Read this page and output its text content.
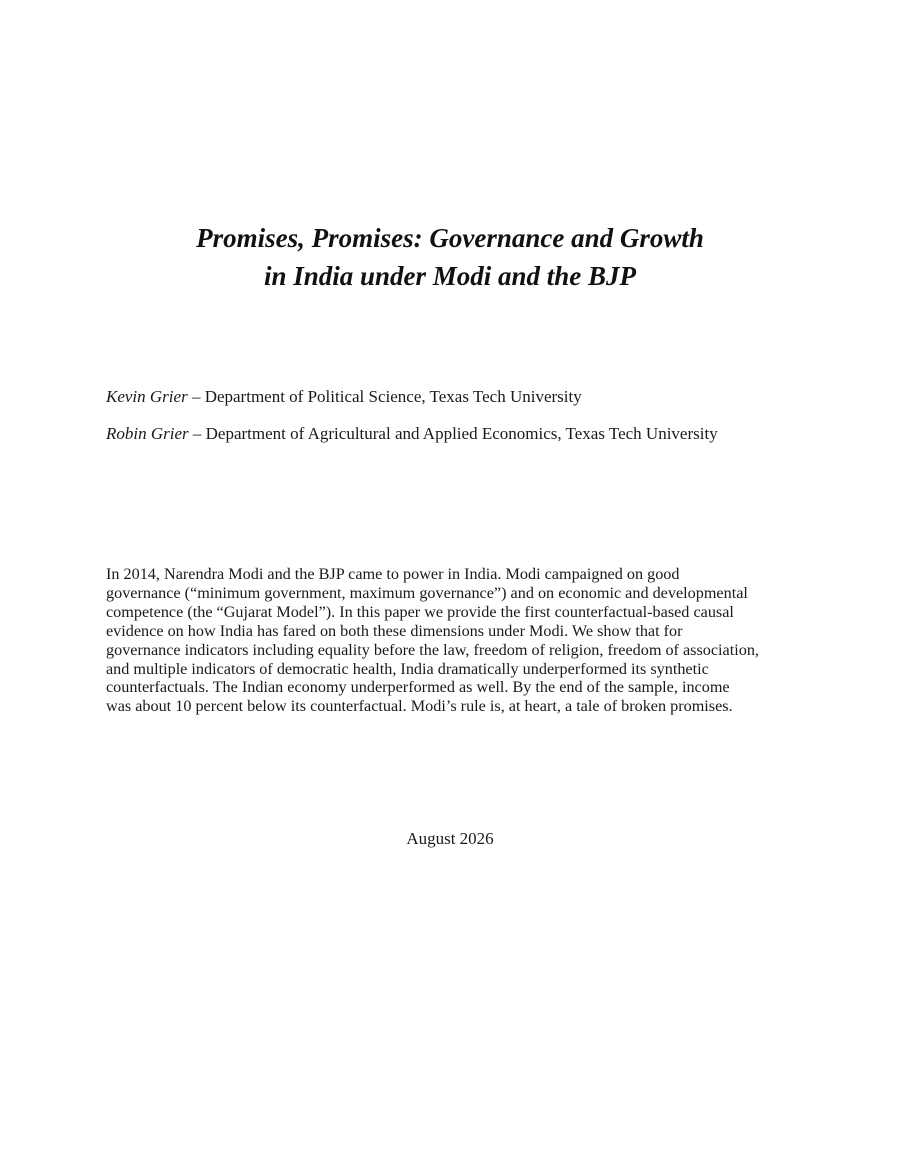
Promises, Promises: Governance and Growth
in India under Modi and the BJP
Kevin Grier – Department of Political Science, Texas Tech University
Robin Grier – Department of Agricultural and Applied Economics, Texas Tech University
In 2014, Narendra Modi and the BJP came to power in India. Modi campaigned on good
governance (“minimum government, maximum governance”) and on economic and developmental
competence (the “Gujarat Model”). In this paper we provide the first counterfactual-based causal
evidence on how India has fared on both these dimensions under Modi. We show that for
governance indicators including equality before the law, freedom of religion, freedom of association,
and multiple indicators of democratic health, India dramatically underperformed its synthetic
counterfactuals. The Indian economy underperformed as well. By the end of the sample, income
was about 10 percent below its counterfactual. Modi’s rule is, at heart, a tale of broken promises.
August 2026
